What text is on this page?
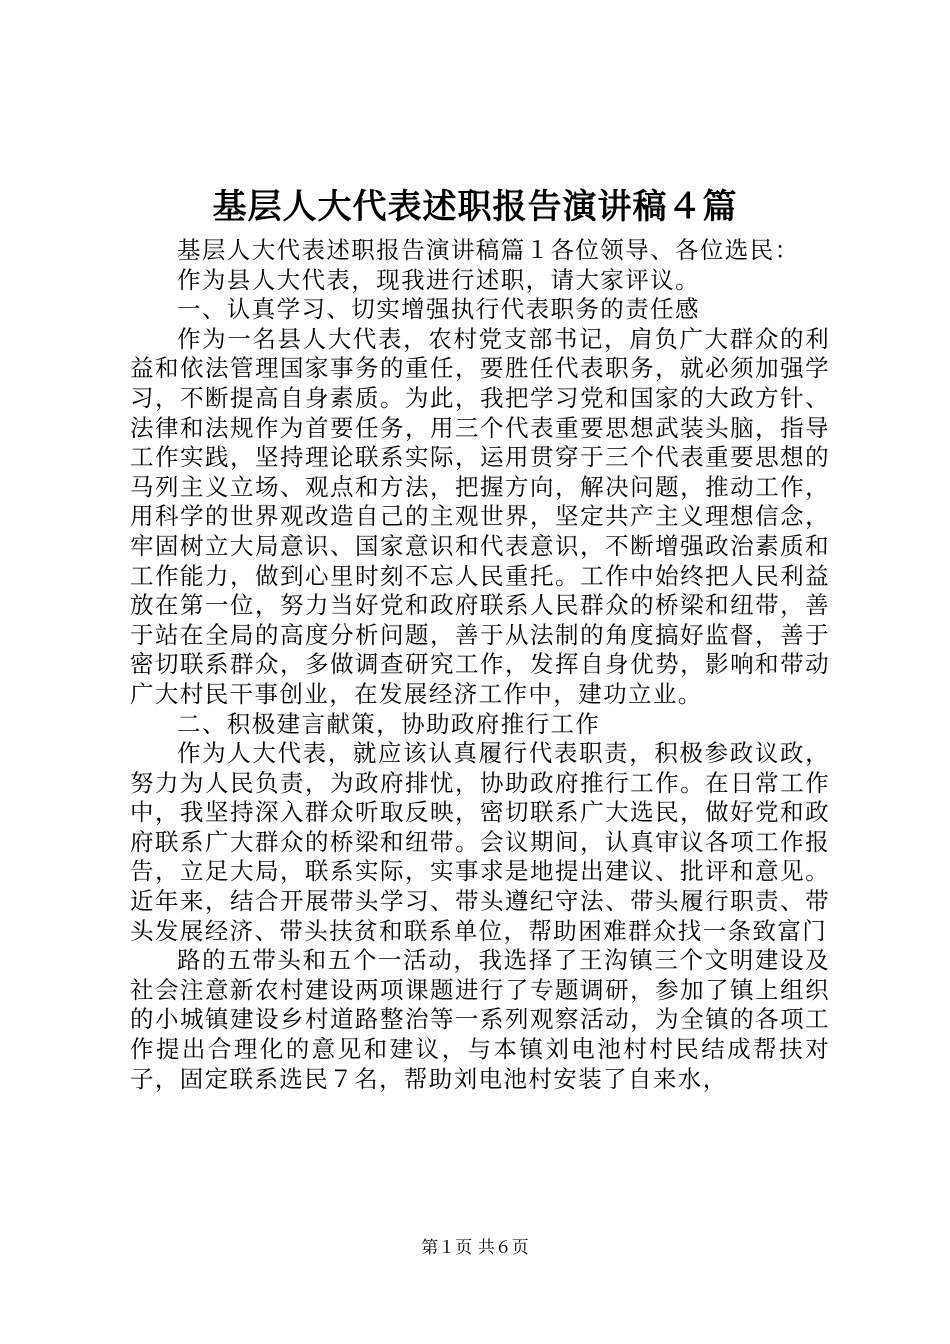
基层人大代表述职报告演讲稿４篇

基层人大代表述职报告演讲稿篇１各位领导、各位选民：

作为县人大代表，现我进行述职，请大家评议。

一、认真学习、切实增强执行代表职务的责任感

作为一名县人大代表，农村党支部书记，肩负广大群众的利益和依法管理国家事务的重任，要胜任代表职务，就必须加强学习，不断提高自身素质。为此，我把学习党和国家的大政方针、法律和法规作为首要任务，用三个代表重要思想武装头脑，指导工作实践，坚持理论联系实际，运用贯穿于三个代表重要思想的马列主义立场、观点和方法，把握方向，解决问题，推动工作，用科学的世界观改造自己的主观世界，坚定共产主义理想信念，牢固树立大局意识、国家意识和代表意识，不断增强政治素质和工作能力，做到心里时刻不忘人民重托。工作中始终把人民利益放在第一位，努力当好党和政府联系人民群众的桥梁和纽带，善于站在全局的高度分析问题，善于从法制的角度搞好监督，善于密切联系群众，多做调查研究工作，发挥自身优势，影响和带动广大村民干事创业，在发展经济工作中，建功立业。

二、积极建言献策，协助政府推行工作

作为人大代表，就应该认真履行代表职责，积极参政议政，努力为人民负责，为政府排忧，协助政府推行工作。在日常工作中，我坚持深入群众听取反映，密切联系广大选民，做好党和政府联系广大群众的桥梁和纽带。会议期间，认真审议各项工作报告，立足大局，联系实际，实事求是地提出建议、批评和意见。近年来，结合开展带头学习、带头遵纪守法、带头履行职责、带头发展经济、带头扶贫和联系单位，帮助困难群众找一条致富门

路的五带头和五个一活动，我选择了王沟镇三个文明建设及社会注意新农村建设两项课题进行了专题调研，参加了镇上组织的小城镇建设乡村道路整治等一系列观察活动，为全镇的各项工作提出合理化的意见和建议，与本镇刘电池村村民结成帮扶对子，固定联系选民７名，帮助刘电池村安装了自来水，

第１页 共６页
